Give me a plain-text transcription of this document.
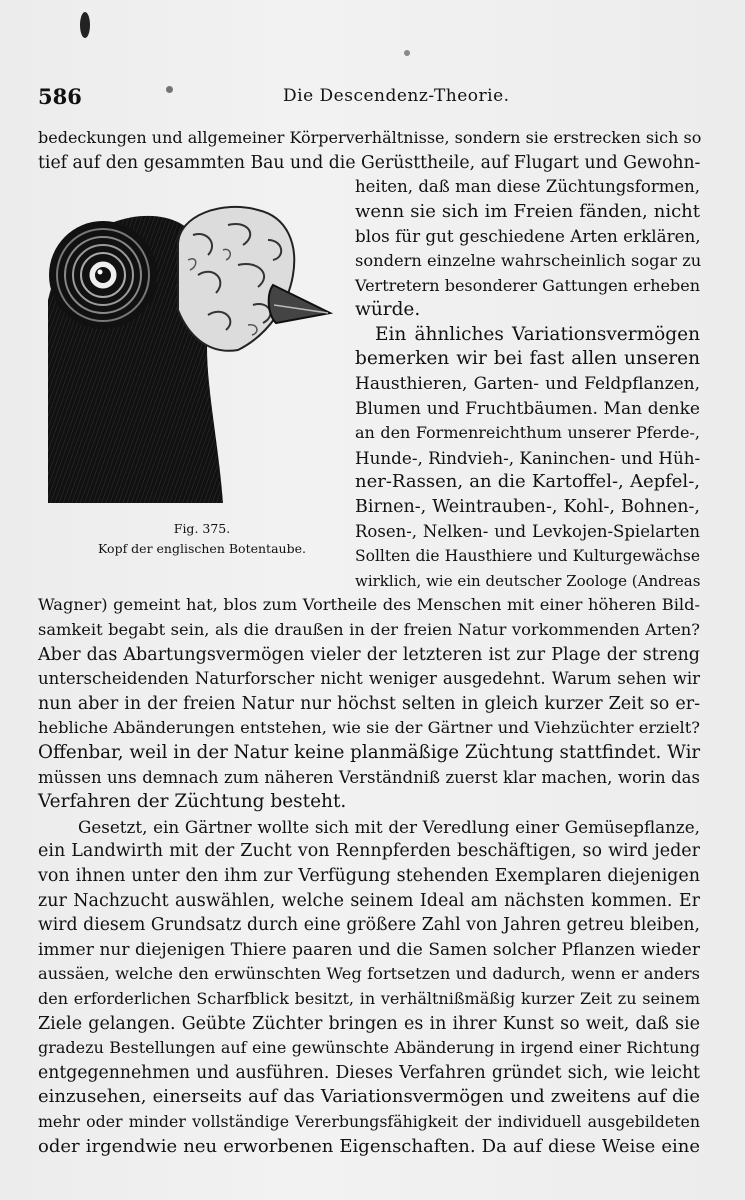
586	Die Descendenz-Theorie.
Fig. 375.
Kopf der englischen Botentaube.
bedeckungen und allgemeiner Körperverhältnisse, sondern sie erstrecken sich so
tief auf den gesammten Bau und die Gerüsttheile, auf Flugart und Gewohn-
heiten, daß man diese Züchtungsformen,
wenn sie sich im Freien fänden, nicht
blos für gut geschiedene Arten erklären,
sondern einzelne wahrscheinlich sogar zu
Vertretern besonderer Gattungen erheben
würde.
Ein ähnliches Variationsvermögen
bemerken wir bei fast allen unseren
Hausthieren, Garten- und Feldpflanzen,
Blumen und Fruchtbäumen. Man denke
an den Formenreichthum unserer Pferde-,
Hunde-, Rindvieh-, Kaninchen- und Hüh-
ner-Rassen, an die Kartoffel-, Aepfel-,
Birnen-, Weintrauben-, Kohl-, Bohnen-,
Rosen-, Nelken- und Levkojen-Spielarten
Sollten die Hausthiere und Kulturgewächse
wirklich, wie ein deutscher Zoologe (Andreas
Wagner) gemeint hat, blos zum Vortheile des Menschen mit einer höheren Bild-
samkeit begabt sein, als die draußen in der freien Natur vorkommenden Arten?
Aber das Abartungsvermögen vieler der letzteren ist zur Plage der streng
unterscheidenden Naturforscher nicht weniger ausgedehnt. Warum sehen wir
nun aber in der freien Natur nur höchst selten in gleich kurzer Zeit so er-
hebliche Abänderungen entstehen, wie sie der Gärtner und Viehzüchter erzielt?
Offenbar, weil in der Natur keine planmäßige Züchtung stattfindet. Wir
müssen uns demnach zum näheren Verständniß zuerst klar machen, worin das
Verfahren der Züchtung besteht.
Gesetzt, ein Gärtner wollte sich mit der Veredlung einer Gemüsepflanze,
ein Landwirth mit der Zucht von Rennpferden beschäftigen, so wird jeder
von ihnen unter den ihm zur Verfügung stehenden Exemplaren diejenigen
zur Nachzucht auswählen, welche seinem Ideal am nächsten kommen. Er
wird diesem Grundsatz durch eine größere Zahl von Jahren getreu bleiben,
immer nur diejenigen Thiere paaren und die Samen solcher Pflanzen wieder
aussäen, welche den erwünschten Weg fortsetzen und dadurch, wenn er anders
den erforderlichen Scharfblick besitzt, in verhältnißmäßig kurzer Zeit zu seinem
Ziele gelangen. Geübte Züchter bringen es in ihrer Kunst so weit, daß sie
gradezu Bestellungen auf eine gewünschte Abänderung in irgend einer Richtung
entgegennehmen und ausführen. Dieses Verfahren gründet sich, wie leicht
einzusehen, einerseits auf das Variationsvermögen und zweitens auf die
mehr oder minder vollständige Vererbungsfähigkeit der individuell ausgebildeten
oder irgendwie neu erworbenen Eigenschaften. Da auf diese Weise eine
